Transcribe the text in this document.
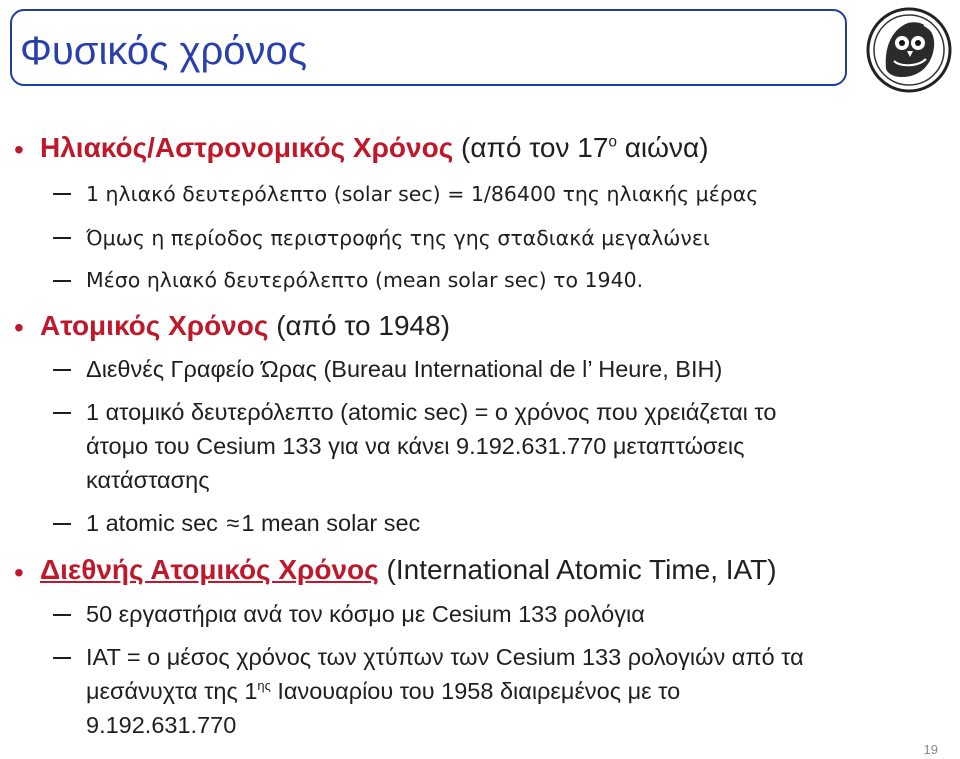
Φυσικός χρόνος
• Ηλιακός/Αστρονομικός Χρόνος (από τον $17^o$ αιώνα)
1 ηλιακό δευτερόλεπτο (solar sec) = 1/86400 της ηλιακής μέρας
Όμως η περίοδος περιστροφής της γης σταδιακά μεγαλώνει
Μέσο ηλιακό δευτερόλεπτο (mean solar sec) το 1940.
• Ατομικός Χρόνος (από το 1948)
Διεθνές Γραφείο Ώρας (Bureau International de l’ Heure, BIH)
1 ατομικό δευτερόλεπτο (atomic sec) = ο χρόνος που χρειάζεται το
άτομο του Cesium 133 για να κάνει 9.192.631.770 μεταπτώσεις
κατάστασης
1 atomic sec ≈1 mean solar sec
• Διεθνής Ατομικός Χρόνος (International Atomic Time, IAT)
50 εργαστήρια ανά τον κόσμο με Cesium 133 ρολόγια
IAT = ο μέσος χρόνος των χτύπων των Cesium 133 ρολογιών από τα
μεσάνυχτα της $1^{\eta\varsigma}$ Ιανουαρίου του 1958 διαιρεμένος με το
9.192.631.770
19
